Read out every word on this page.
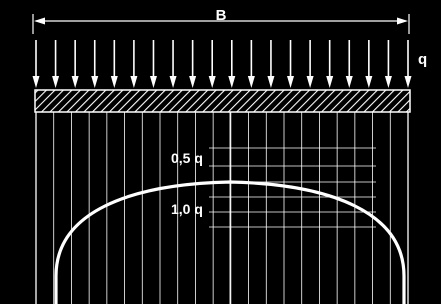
B
q
0,5 q
1,0 q
